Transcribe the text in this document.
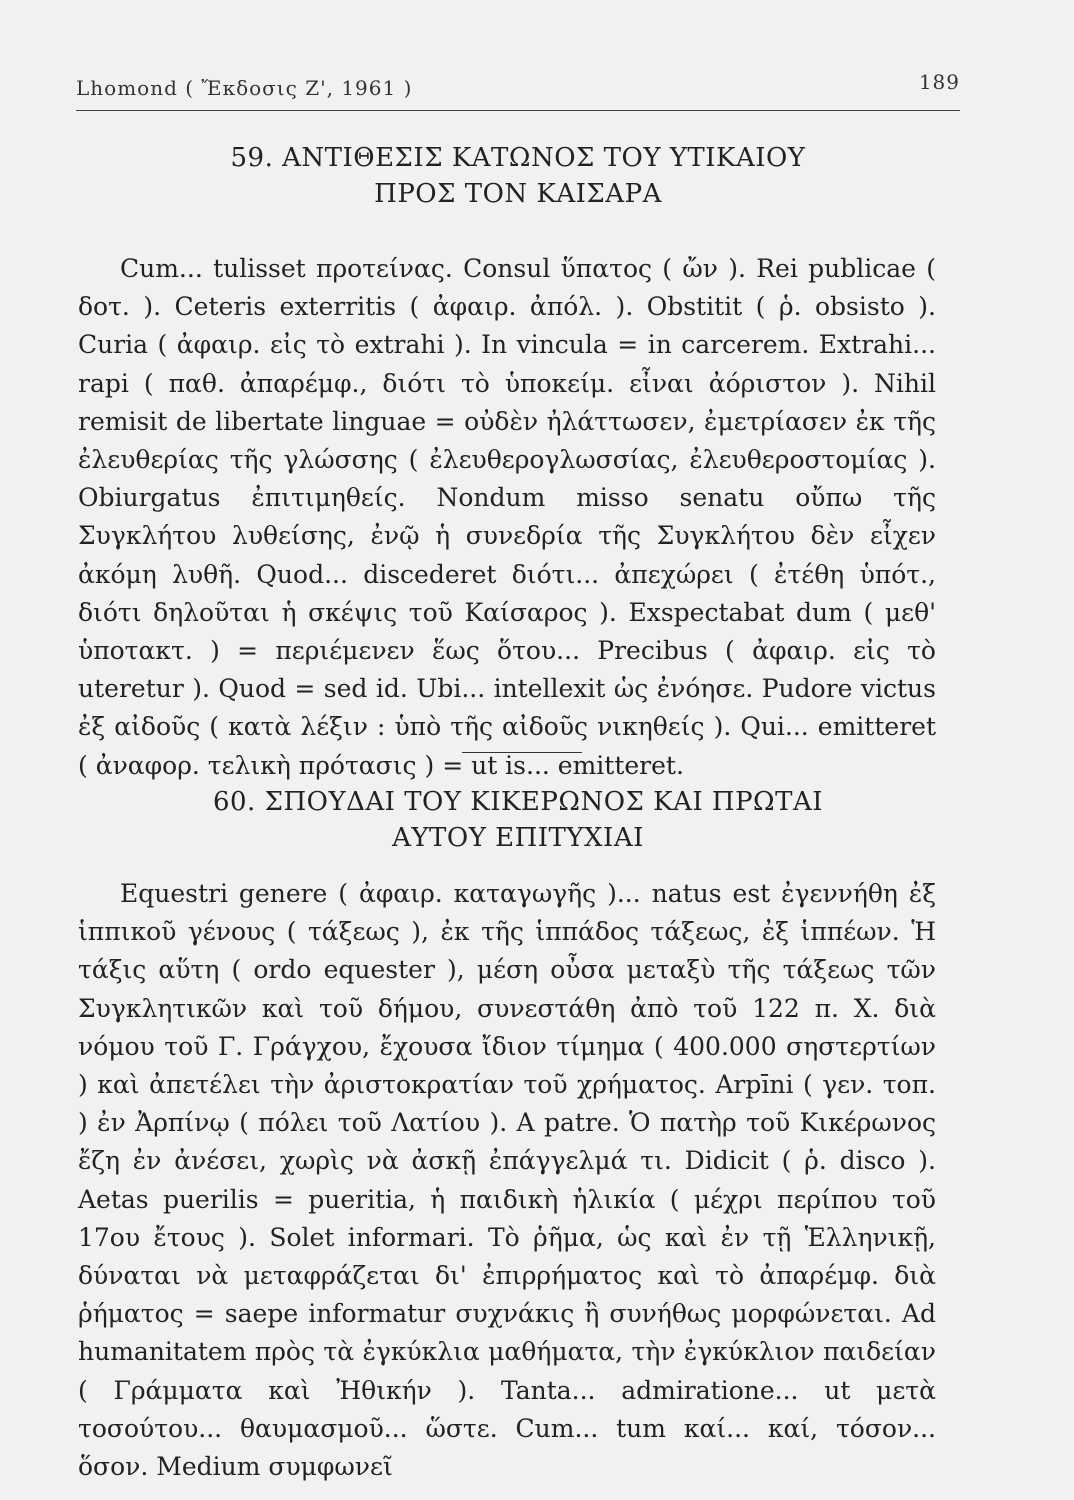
Lhomond ( Ἔκδοσις Ζ', 1961 )	189
59. ΑΝΤΙΘΕΣΙΣ ΚΑΤΩΝΟΣ ΤΟΥ ΥΤΙΚΑΙΟΥ
ΠΡΟΣ ΤΟΝ ΚΑΙΣΑΡΑ
Cum... tulisset προτείνας. Consul ὕπατος ( ὤν ). Rei publicae ( δοτ. ). Ceteris exterritis ( ἀφαιρ. ἀπόλ. ). Obstitit ( ῥ. obsisto ). Curia ( ἀφαιρ. εἰς τὸ extrahi ). In vincula = in carcerem. Extrahi... rapi ( παθ. ἀπαρέμφ., διότι τὸ ὑποκείμ. εἶναι ἀόριστον ). Nihil remisit de libertate linguae = οὐδὲν ἠλάττωσεν, ἐμετρίασεν ἐκ τῆς ἐλευθερίας τῆς γλώσσης ( ἐλευθερογλωσσίας, ἐλευθεροστομίας ). Obiurgatus ἐπιτιμηθείς. Nondum misso senatu οὔπω τῆς Συγκλήτου λυθείσης, ἐνῷ ἡ συνεδρία τῆς Συγκλήτου δὲν εἶχεν ἀκόμη λυθῆ. Quod... discederet διότι... ἀπεχώρει ( ἐτέθη ὑπότ., διότι δηλοῦται ἡ σκέψις τοῦ Καίσαρος ). Exspectabat dum ( μεθ' ὑποτακτ. ) = περιέμενεν ἕως ὅτου... Precibus ( ἀφαιρ. εἰς τὸ uteretur ). Quod = sed id. Ubi... intellexit ὡς ἐνόησε. Pudore victus ἐξ αἰδοῦς ( κατὰ λέξιν : ὑπὸ τῆς αἰδοῦς νικηθείς ). Qui... emitteret ( ἀναφορ. τελικὴ πρότασις ) = ut is... emitteret.
60. ΣΠΟΥΔΑΙ ΤΟΥ ΚΙΚΕΡΩΝΟΣ ΚΑΙ ΠΡΩΤΑΙ
ΑΥΤΟΥ ΕΠΙΤΥΧΙΑΙ
Equestri genere ( ἀφαιρ. καταγωγῆς )... natus est ἐγεννήθη ἐξ ἱππικοῦ γένους ( τάξεως ), ἐκ τῆς ἱππάδος τάξεως, ἐξ ἱππέων. Ἡ τάξις αὕτη ( ordo equester ), μέση οὖσα μεταξὺ τῆς τάξεως τῶν Συγκλητικῶν καὶ τοῦ δήμου, συνεστάθη ἀπὸ τοῦ 122 π. Χ. διὰ νόμου τοῦ Γ. Γράγχου, ἔχουσα ἴδιον τίμημα ( 400.000 σηστερτίων ) καὶ ἀπετέλει τὴν ἀριστοκρατίαν τοῦ χρήματος. Arpīni ( γεν. τοπ. ) ἐν Ἀρπίνῳ ( πόλει τοῦ Λατίου ). A patre. Ὁ πατὴρ τοῦ Κικέρωνος ἔζη ἐν ἀνέσει, χωρὶς νὰ ἀσκῇ ἐπάγγελμά τι. Didicit ( ῥ. disco ). Aetas puerilis = pueritia, ἡ παιδικὴ ἡλικία ( μέχρι περίπου τοῦ 17ου ἔτους ). Solet informari. Τὸ ῥῆμα, ὡς καὶ ἐν τῇ Ἑλληνικῇ, δύναται νὰ μεταφράζεται δι' ἐπιρρήματος καὶ τὸ ἀπαρέμφ. διὰ ῥήματος = saepe informatur συχνάκις ἢ συνήθως μορφώνεται. Ad humanitatem πρὸς τὰ ἐγκύκλια μαθήματα, τὴν ἐγκύκλιον παιδείαν ( Γράμματα καὶ Ἠθικήν ). Tanta... admiratione... ut μετὰ τοσούτου... θαυμασμοῦ... ὥστε. Cum... tum καί... καί, τόσον... ὅσον. Medium συμφωνεῖ
